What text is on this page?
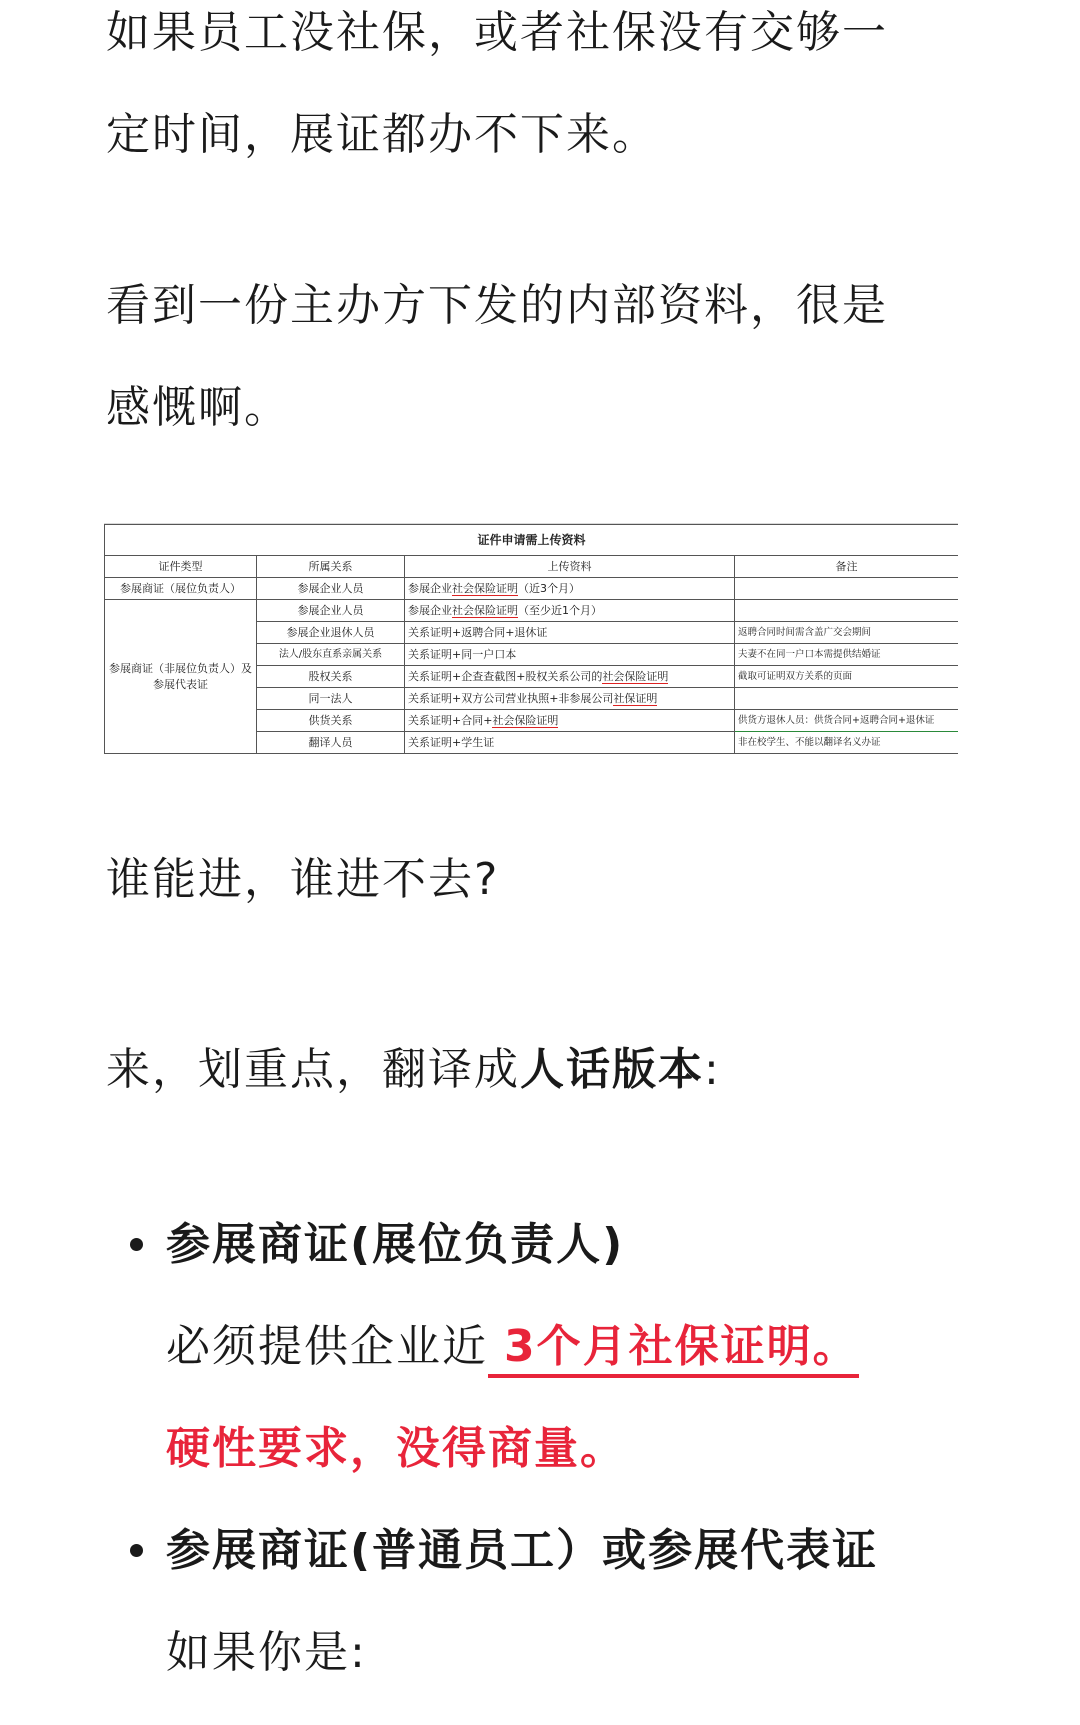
如果员工没社保，或者社保没有交够一

定时间，展证都办不下来。

看到一份主办方下发的内部资料，很是

感慨啊。

证件申请需上传资料			
证件类型	所属关系	上传资料	备注
参展商证（展位负责人）	参展企业人员	参展企业社会保险证明（近3个月）	
参展商证（非展位负责人）及参展代表证	参展企业人员	参展企业社会保险证明（至少近1个月）	
	参展企业退休人员	关系证明+返聘合同+退休证	返聘合同时间需含盖广交会期间
	法人/股东直系亲属关系	关系证明+同一户口本	夫妻不在同一户口本需提供结婚证
	股权关系	关系证明+企查查截图+股权关系公司的社会保险证明	截取可证明双方关系的页面
	同一法人	关系证明+双方公司营业执照+非参展公司社保证明	
	供货关系	关系证明+合同+社会保险证明	供货方退休人员：供货合同+返聘合同+退休证
	翻译人员	关系证明+学生证	非在校学生、不能以翻译名义办证

谁能进，谁进不去?

来，划重点，翻译成人话版本:

参展商证(展位负责人)

必须提供企业近 3个月社保证明。

硬性要求，没得商量。

参展商证(普通员工）或参展代表证

如果你是:
